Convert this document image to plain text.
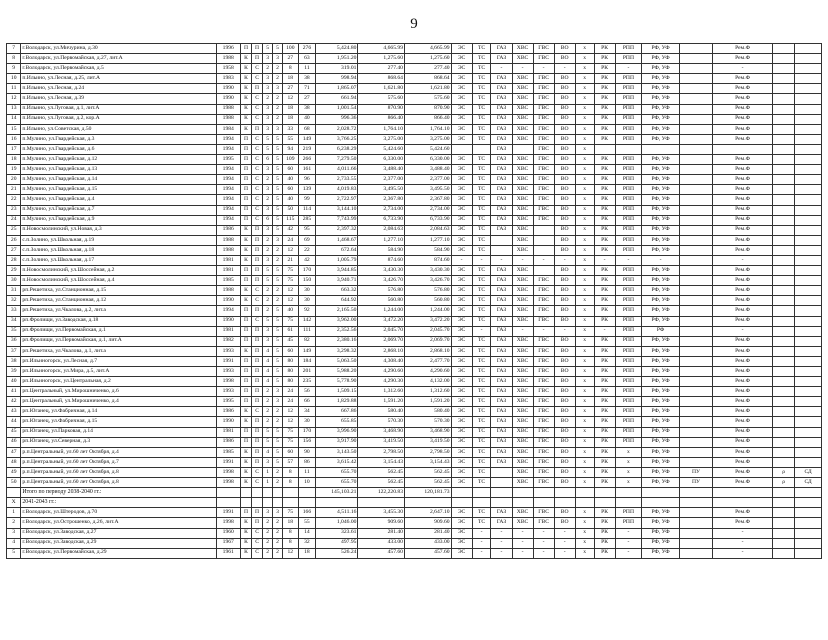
9
7	г.Володарск, ул.Мичурина, д.30	1996	П	П	5	5	100	276	5,424.80	4,665.99	4,665.99	ЭС	ТС	ГАЗ	ХВС	ГВС	ВО	х	РК	РПП	РФ, УФ		Рем.Ф		
8	г.Володарск, ул.Первомайская, д.27, лит.А	1988	К	П	3	3	27	63	1,951.20	1,275.60	1,275.60	ЭС	ТС	ГАЗ	ХВС	ГВС	ВО	х	РК	РПП	РФ, УФ		Рем.Ф		
9	г.Володарск, ул.Первомайская, д.5	1958	К	С	2	2	8	11	319.01	277.40	277.40	ЭС	ТС	-	-	-	-	х	РК	-	РФ, УФ		-		
10	п.Ильино, ул.Лесная, д.25, лит.А	1983	К	С	3	2	18	38	998.94	868.64	868.64	ЭС	ТС	ГАЗ	ХВС	ГВС	ВО	х	РК	РПП	РФ, УФ		Рем.Ф		
11	п.Ильино, ул.Лесная, д.24	1990	К	П	3	3	27	71	1,865.07	1,621.80	1,621.80	ЭС	ТС	ГАЗ	ХВС	ГВС	ВО	х	РК	РПП	РФ, УФ		Рем.Ф		
12	п.Ильино, ул.Лесная, д.39	1990	К	С	2	2	12	27	661.94	575.60	575.60	ЭС	ТС	ГАЗ	ХВС	ГВС	ВО	х	РК	РПП	РФ, УФ		Рем.Ф		
13	п.Ильино, ул.Луговая, д.1, лит.А	1988	К	С	3	2	18	38	1,001.54	870.90	870.90	ЭС	ТС	ГАЗ	ХВС	ГВС	ВО	х	РК	РПП	РФ, УФ		Рем.Ф		
14	п.Ильино, ул.Луговая, д.2, кор.А	1988	К	С	3	2	18	40	996.36	866.40	866.40	ЭС	ТС	ГАЗ	ХВС	ГВС	ВО	х	РК	РПП	РФ, УФ		Рем.Ф		
15	п.Ильино, ул.Советская, д.50	1984	К	П	3	3	33	68	2,028.72	1,764.10	1,764.10	ЭС	ТС	ГАЗ	ХВС	ГВС	ВО	х	РК	РПП	РФ, УФ		Рем.Ф		
16	п.Мулино, ул.Гвардейская, д.3	1994	П	С	5	5	55	149	3,766.25	3,275.00	3,275.00	ЭС	ТС	ГАЗ	ХВС	ГВС	ВО	х	РК	РПП	РФ, УФ		Рем.Ф		
17	п.Мулино, ул.Гвардейская, д.6	1994	П	С	5	5	94	219	6,238.29	5,424.60	5,424.60			ГАЗ		ГВС	ВО	х							
18	п.Мулино, ул.Гвардейская, д.12	1995	П	С	6	5	109	266	7,279.50	6,330.00	6,330.00	ЭС	ТС	ГАЗ	ХВС	ГВС	ВО	х	РК	РПП	РФ, УФ		Рем.Ф		
19	п.Мулино, ул.Гвардейская, д.13	1994	П	С	3	5	60	161	4,011.66	3,488.40	3,488.40	ЭС	ТС	ГАЗ	ХВС	ГВС	ВО	х	РК	РПП	РФ, УФ		Рем.Ф		
20	п.Мулино, ул.Гвардейская, д.14	1994	П	С	2	5	40	96	2,733.55	2,377.00	2,377.00	ЭС	ТС	ГАЗ	ХВС	ГВС	ВО	х	РК	РПП	РФ, УФ		Рем.Ф		
21	п.Мулино, ул.Гвардейская, д.15	1994	П	С	3	5	60	139	4,019.83	3,495.50	3,495.50	ЭС	ТС	ГАЗ	ХВС	ГВС	ВО	х	РК	РПП	РФ, УФ		Рем.Ф		
22	п.Мулино, ул.Гвардейская, д.4	1994	П	С	2	5	40	99	2,722.97	2,367.80	2,367.80	ЭС	ТС	ГАЗ	ХВС	ГВС	ВО	х	РК	РПП	РФ, УФ		Рем.Ф		
23	п.Мулино, ул.Гвардейская, д.7	1994	П	С	3	5	50	114	3,144.10	2,734.00	2,734.00	ЭС	ТС	ГАЗ	ХВС	ГВС	ВО	х	РК	РПП	РФ, УФ		Рем.Ф		
24	п.Мулино, ул.Гвардейская, д.9	1994	П	С	6	5	115	285	7,743.99	6,733.90	6,733.90	ЭС	ТС	ГАЗ	ХВС	ГВС	ВО	х	РК	РПП	РФ, УФ		Рем.Ф		
25	п.Новосмолинский, ул.Новая, д.3	1986	К	П	3	5	42	95	2,397.32	2,084.63	2,084.63	ЭС	ТС	ГАЗ	ХВС		ВО	х	РК	РПП	РФ, УФ		Рем.Ф		
26	с.п.Золино, ул.Школьная, д.19	1988	К	П	2	3	24	69	1,468.67	1,277.10	1,277.10	ЭС	ТС		ХВС		ВО	х	РК	РПП	РФ, УФ		Рем.Ф		
27	с.п.Золино, ул.Школьная, д.18	1988	К	П	2	2	12	22	672.64	584.90	584.90	ЭС	ТС		ХВС		ВО	х	РК	РПП	РФ, УФ		Рем.Ф		
28	с.п.Золино, ул.Школьная, д.17	1981	К	П	3	2	21	42	1,005.79	874.60	874.60	-	-	-	-	-	-	х	-	-	-		-		
29	п.Новосмолинский, ул.Шоссейная, д.2	1981	П	П	5	5	75	170	3,944.85	3,430.30	3,430.30	ЭС	ТС	ГАЗ	ХВС		ВО	х	РК	РПП	РФ, УФ		Рем.Ф		
30	п.Новосмолинский, ул.Шоссейная, д.4	1985	П	П	5	5	75	150	3,940.71	3,426.70	3,426.70	ЭС	ТС	ГАЗ	ХВС	ГВС	ВО	х	РК	РПП	РФ, УФ		Рем.Ф		
31	рп.Решетиха, ул.Станционная, д.15	1988	К	С	2	2	12	30	663.32	576.80	576.80	ЭС	ТС	ГАЗ	ХВС	ГВС	ВО	х	РК	РПП	РФ, УФ		Рем.Ф		
32	рп.Решетиха, ул.Станционная, д.12	1990	К	С	2	2	12	30	644.92	560.80	560.80	ЭС	ТС	ГАЗ	ХВС	ГВС	ВО	х	РК	РПП	РФ, УФ		Рем.Ф		
33	рп.Решетиха, ул.Чкалова, д.2, лит.а	1994	П	П	2	5	40	92	2,165.50	1,244.00	1,244.00	ЭС	ТС	ГАЗ	ХВС	ГВС	ВО	х	РК	РПП	РФ, УФ		Рем.Ф		
34	рп.Фролищи, ул.Заводская, д.18	1990	П	С	5	5	75	142	3,962.00	3,472.20	3,472.20	ЭС	ТС	ГАЗ	ХВС	ГВС	ВО	х	РК	РПП	РФ, УФ		Рем.Ф		
35	рп.Фролищи, ул.Первомайская, д.1	1981	П	П	3	5	61	111	2,352.56	2,045.70	2,045.70	ЭС	-	ГАЗ	-	-	-	х	-	РПП	РФ		-		
36	рп.Фролищи, ул.Первомайская, д.1, лит.А	1982	П	П	3	5	45	82	2,380.16	2,069.70	2,069.70	ЭС	ТС	ГАЗ	ХВС	ГВС	ВО	х	РК	РПП	РФ, УФ		Рем.Ф		
37	рп.Решетиха, ул.Чкалова, д.1, лит.а	1993	К	П	4	5	60	149	3,298.32	2,868.10	2,868.10	ЭС	ТС	ГАЗ	ХВС	ГВС	ВО	х	РК	РПП	РФ, УФ		Рем.Ф		
38	рп.Ильиногорск, ул.Лесная, д.7	1991	П	П	4	5	80	184	5,063.50	4,308.40	2,477.70	ЭС	ТС	ГАЗ	ХВС	ГВС	ВО	х	РК	РПП	РФ, УФ		Рем.Ф		
39	рп.Ильиногорск, ул.Мира, д.5, лит.А	1993	П	П	4	5	80	201	5,988.20	4,290.60	4,290.60	ЭС	ТС	ГАЗ	ХВС	ГВС	ВО	х	РК	РПП	РФ, УФ		Рем.Ф		
40	рп.Ильиногорск, ул.Центральная, д.2	1998	П	П	4	5	80	235	5,778.90	4,290.30	4,132.00	ЭС	ТС	ГАЗ	ХВС	ГВС	ВО	х	РК	РПП	РФ, УФ		Рем.Ф		
41	рп.Центральный, ул.Мирошниченко, д.6	1993	П	П	2	3	24	56	1,509.15	1,312.60	1,312.60	ЭС	ТС	ГАЗ	ХВС	ГВС	ВО	х	РК	РПП	РФ, УФ		Рем.Ф		
42	рп.Центральный, ул.Мирошниченко, д.4	1995	П	П	2	3	24	66	1,829.88	1,591.20	1,591.20	ЭС	ТС	ГАЗ	ХВС	ГВС	ВО	х	РК	РПП	РФ, УФ		Рем.Ф		
43	рп.Юганец, ул.Фабричная, д.14	1986	К	С	2	2	12	34	667.86	580.40	580.40	ЭС	ТС	ГАЗ	ХВС	ГВС	ВО	х	РК	РПП	РФ, УФ		Рем.Ф		
44	рп.Юганец, ул.Фабричная, д.15	1990	К	П	2	2	12	30	655.85	570.30	570.30	ЭС	ТС	ГАЗ	ХВС	ГВС	ВО	х	РК	РПП	РФ, УФ		Рем.Ф		
45	рп.Юганец, ул.Парковая, д.14	1981	П	П	5	5	75	170	3,996.90	3,468.90	3,468.90	ЭС	ТС	ГАЗ	ХВС	ГВС	ВО	х	РК	РПП	РФ, УФ		Рем.Ф		
46	рп.Юганец, ул.Северная, д.3	1986	П	П	5	5	75	156	3,917.90	3,419.50	3,419.50	ЭС	ТС	ГАЗ	ХВС	ГВС	ВО	х	РК	РПП	РФ, УФ		Рем.Ф		
47	р.п.Центральный, ул.60 лет Октября, д.4	1985	К	П	4	5	60	90	3,143.50	2,798.50	2,798.50	ЭС	ТС	ГАЗ	ХВС	ГВС	ВО	х	РК	х	РФ, УФ		Рем.Ф		
48	р.п.Центральный, ул.60 лет Октября, д.7	1991	К	П	3	5	57	86	3,615.42	3,154.43	3,154.43	ЭС	ТС	ГАЗ	ХВС	ГВС	ВО	х	РК	х	РФ, УФ		Рем.Ф		
49	р.п.Центральный, ул.60 лет Октября, д.8	1998	К	С	1	2	8	11	655.70	562.45	562.45	ЭС	ТС		ХВС	ГВС	ВО	х	РК	х	РФ, УФ	ПУ	Рем.Ф	ρ	СД
50	р.п.Центральный, ул.60 лет Октября, д.8	1998	К	С	1	2	8	10	655.70	562.45	562.45	ЭС	ТС		ХВС	ГВС	ВО	х	РК	х	РФ, УФ	ПУ	Рем.Ф	ρ	СД
	Итого по периоду 2038-2040 гг.:								145,103.21	122,220.83	120,181.73														
X	2041-2043 гг.:																								
1	г.Володарск, ул.Штеродов, д.70	1991	П	П	3	3	75	166	4,511.16	3,455.30	2,647.10	ЭС	ТС	ГАЗ	ХВС	ГВС	ВО	х	РК	РПП	РФ, УФ		Рем.Ф		
2	г.Володарск, ул.Острошенко, д.26, лит.А	1998	К	П	2	2	18	55	1,046.00	909.60	909.60	ЭС	ТС	ГАЗ	ХВС	ГВС	ВО	х	РК	РПП	РФ, УФ		Рем.Ф		
3	г.Володарск, ул.Заводская, д.27	1960	К	С	2	2	8	14	323.61	281.40	281.40	ЭС	-	-	-	-	-	х	РК	-	РФ, УФ		-		
4	г.Володарск, ул.Заводская, д.29	1967	К	С	2	2	8	32	497.95	433.00	433.00	ЭС	-	-	-	-	-	х	РК	-	РФ, УФ		-		
5	г.Володарск, ул.Первомайская, д.29	1961	К	С	2	2	12	18	526.24	457.60	457.60	ЭС	-	-	-	-	-	х	РК	-	РФ, УФ		-		
